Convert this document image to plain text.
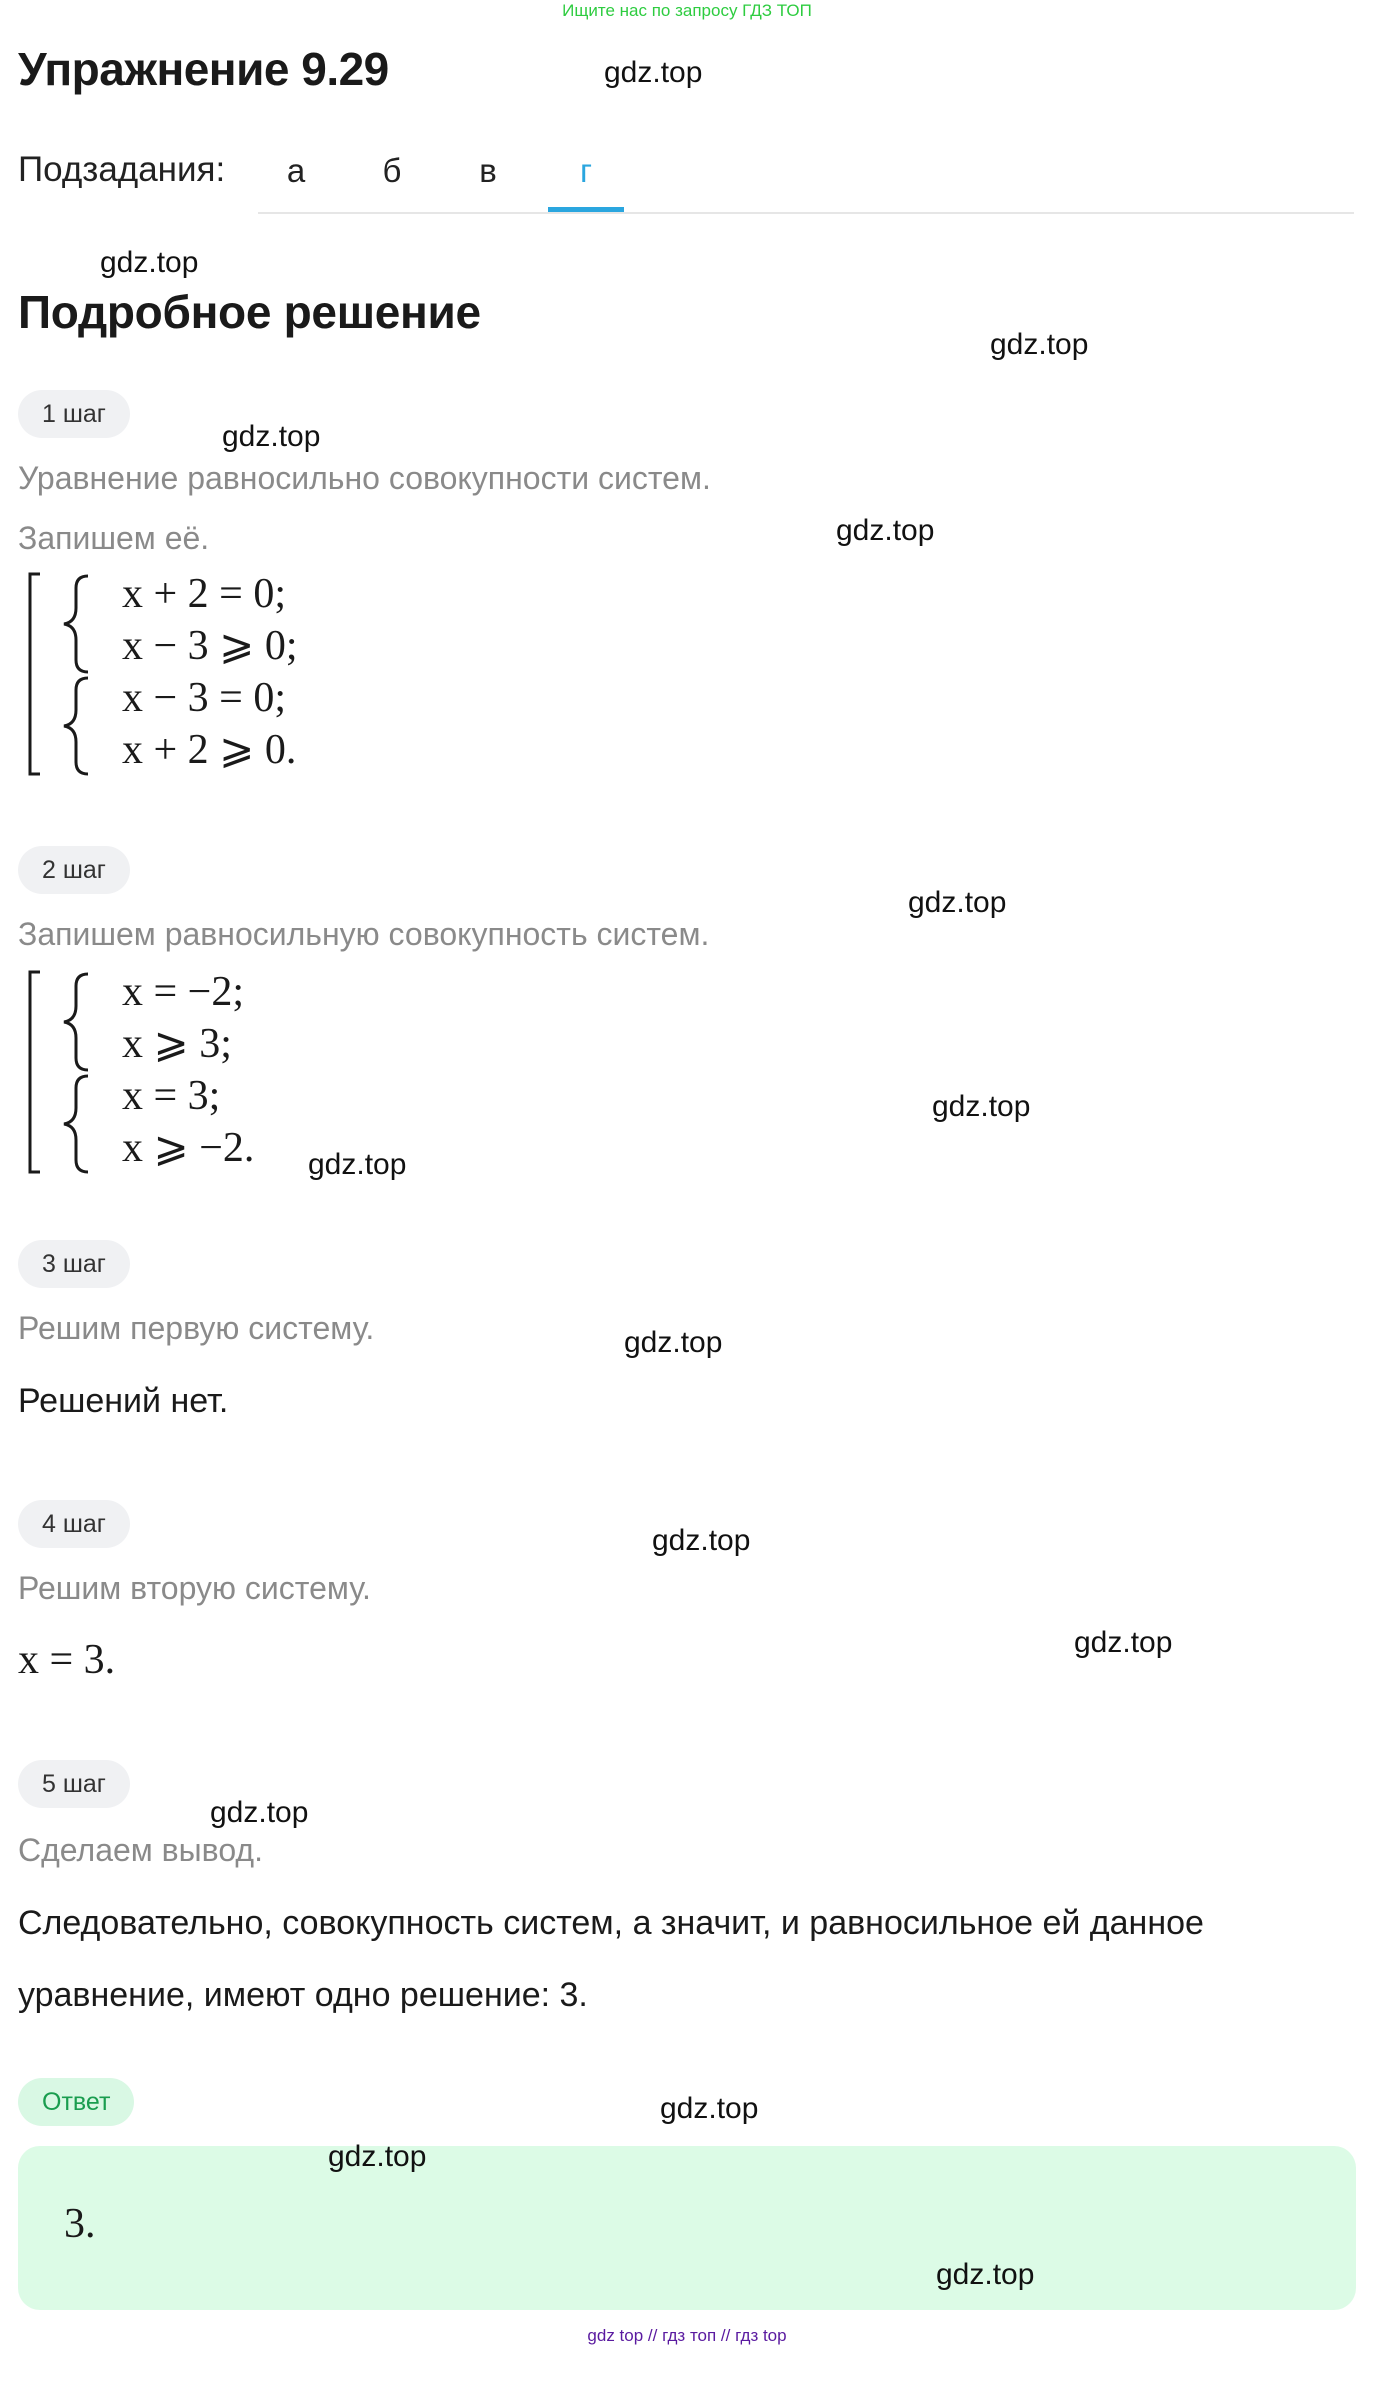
Ищите нас по запросу ГДЗ ТОП
Упражнение 9.29
Подзадания:	а	б	в	г
Подробное решение
1 шаг
Уравнение равносильно совокупности систем.
Запишем её.
x + 2 = 0;
x − 3 ⩾ 0;
x − 3 = 0;
x + 2 ⩾ 0.
2 шаг
Запишем равносильную совокупность систем.
x = −2;
x ⩾ 3;
x = 3;
x ⩾ −2.
3 шаг
Решим первую систему.
Решений нет.
4 шаг
Решим вторую систему.
x = 3.
5 шаг
Сделаем вывод.
Следовательно, совокупность систем, а значит, и равносильное ей данное
уравнение, имеют одно решение: 3.
Ответ
3.
gdz.top
gdz.top
gdz.top
gdz.top
gdz.top
gdz.top
gdz.top
gdz.top
gdz.top
gdz.top
gdz.top
gdz.top
gdz.top
gdz.top
gdz.top
gdz top // гдз топ // гдз top
